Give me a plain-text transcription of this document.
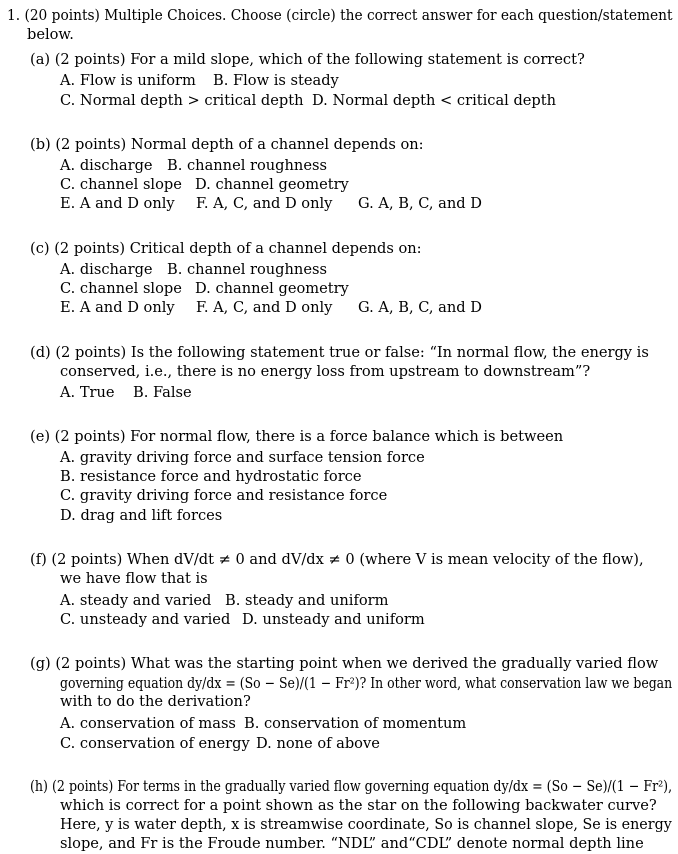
1. (20 points) Multiple Choices. Choose (circle) the correct answer for each question/statement
below.
(a) (2 points) For a mild slope, which of the following statement is correct?
A. Flow is uniform B. Flow is steady
C. Normal depth > critical depth D. Normal depth < critical depth
(b) (2 points) Normal depth of a channel depends on:
A. discharge B. channel roughness
C. channel slope D. channel geometry
E. A and D only F. A, C, and D only G. A, B, C, and D
(c) (2 points) Critical depth of a channel depends on:
A. discharge B. channel roughness
C. channel slope D. channel geometry
E. A and D only F. A, C, and D only G. A, B, C, and D
(d) (2 points) Is the following statement true or false: “In normal flow, the energy is
conserved, i.e., there is no energy loss from upstream to downstream”?
A. True B. False
(e) (2 points) For normal flow, there is a force balance which is between
A. gravity driving force and surface tension force
B. resistance force and hydrostatic force
C. gravity driving force and resistance force
D. drag and lift forces
(f) (2 points) When dV/dt ≠ 0 and dV/dx ≠ 0 (where V is mean velocity of the flow),
we have flow that is
A. steady and varied B. steady and uniform
C. unsteady and varied D. unsteady and uniform
(g) (2 points) What was the starting point when we derived the gradually varied flow
governing equation dy/dx = (So − Se)/(1 − Fr²)? In other word, what conservation law we began
with to do the derivation?
A. conservation of mass B. conservation of momentum
C. conservation of energy D. none of above
(h) (2 points) For terms in the gradually varied flow governing equation dy/dx = (So − Se)/(1 − Fr²),
which is correct for a point shown as the star on the following backwater curve?
Here, y is water depth, x is streamwise coordinate, So is channel slope, Se is energy
slope, and Fr is the Froude number. “NDL” and“CDL” denote normal depth line
